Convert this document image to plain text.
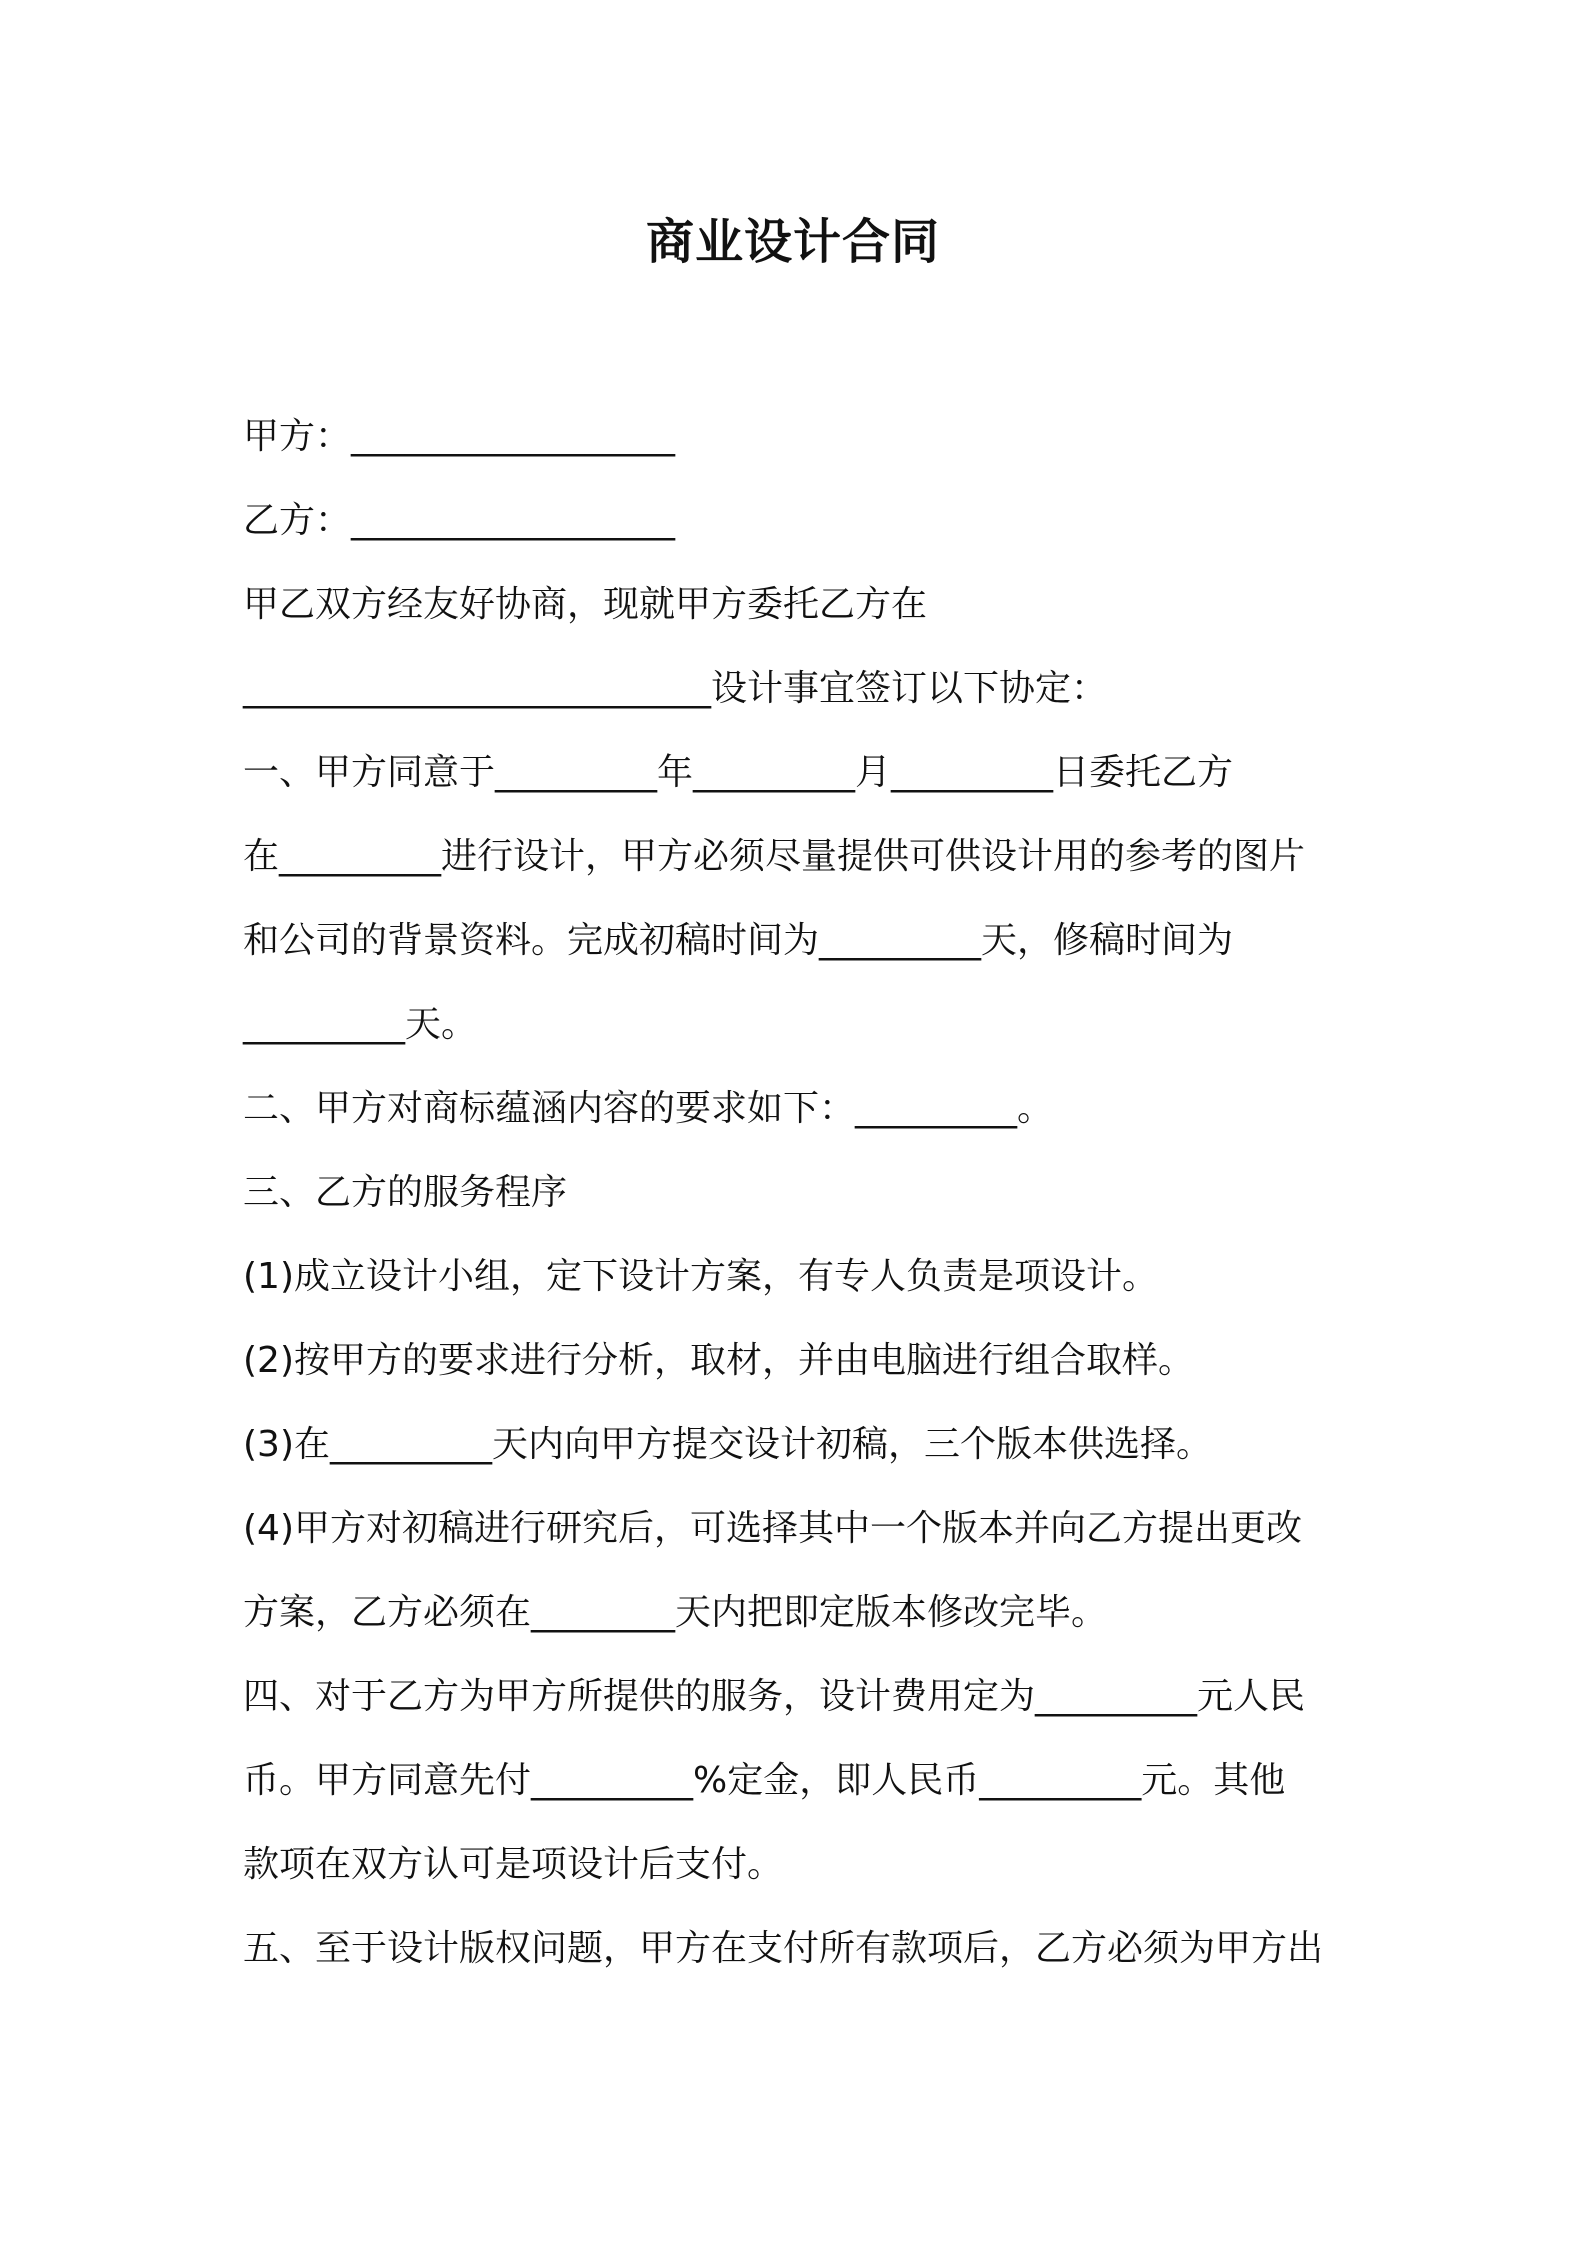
商业设计合同
甲方：__________________
乙方：__________________
甲乙双方经友好协商，现就甲方委托乙方在
__________________________设计事宜签订以下协定：
一、甲方同意于_________年_________月_________日委托乙方
在_________进行设计，甲方必须尽量提供可供设计用的参考的图片
和公司的背景资料。完成初稿时间为_________天，修稿时间为
_________天。
二、甲方对商标蕴涵内容的要求如下：_________。
三、乙方的服务程序
(1)成立设计小组，定下设计方案，有专人负责是项设计。
(2)按甲方的要求进行分析，取材，并由电脑进行组合取样。
(3)在_________天内向甲方提交设计初稿，三个版本供选择。
(4)甲方对初稿进行研究后，可选择其中一个版本并向乙方提出更改
方案，乙方必须在________天内把即定版本修改完毕。
四、对于乙方为甲方所提供的服务，设计费用定为_________元人民
币。甲方同意先付_________%定金，即人民币_________元。其他
款项在双方认可是项设计后支付。
五、至于设计版权问题，甲方在支付所有款项后，乙方必须为甲方出
